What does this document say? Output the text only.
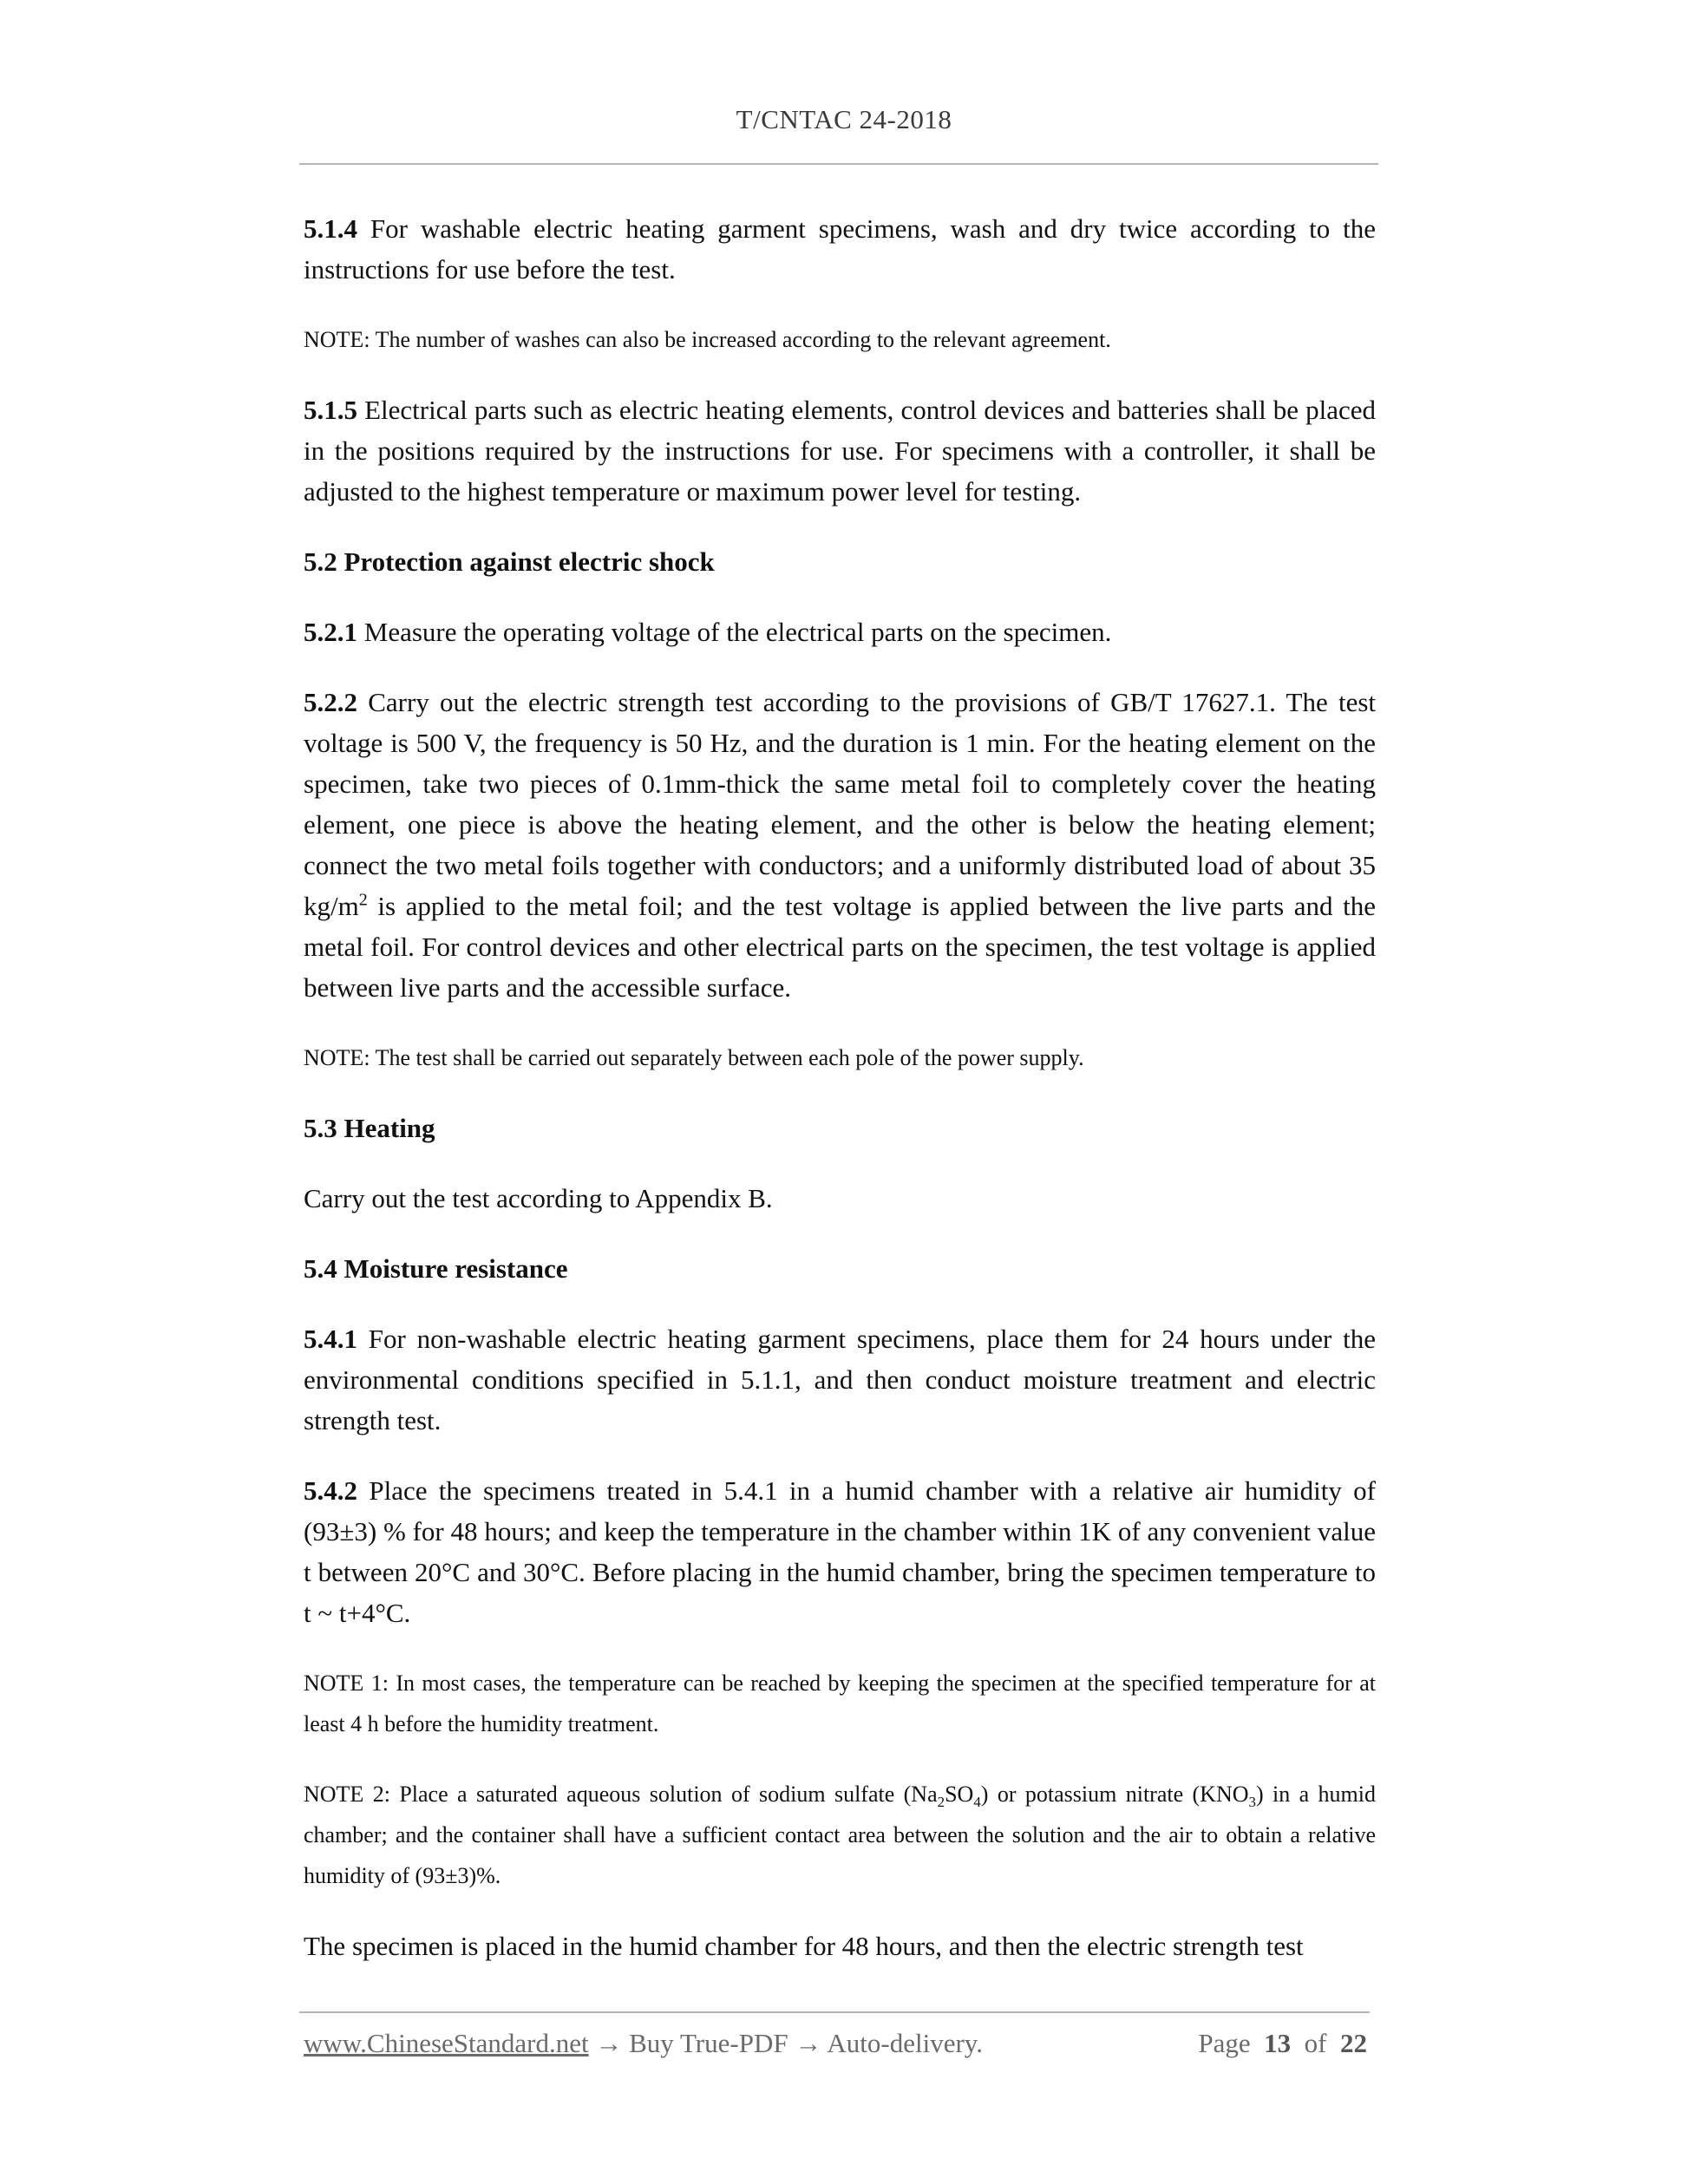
T/CNTAC 24-2018

5.1.4 For washable electric heating garment specimens, wash and dry twice according to the instructions for use before the test.

NOTE: The number of washes can also be increased according to the relevant agreement.

5.1.5 Electrical parts such as electric heating elements, control devices and batteries shall be placed in the positions required by the instructions for use. For specimens with a controller, it shall be adjusted to the highest temperature or maximum power level for testing.

5.2 Protection against electric shock

5.2.1 Measure the operating voltage of the electrical parts on the specimen.

5.2.2 Carry out the electric strength test according to the provisions of GB/T 17627.1. The test voltage is 500 V, the frequency is 50 Hz, and the duration is 1 min. For the heating element on the specimen, take two pieces of 0.1mm-thick the same metal foil to completely cover the heating element, one piece is above the heating element, and the other is below the heating element; connect the two metal foils together with conductors; and a uniformly distributed load of about 35 $kg/m^2$ is applied to the metal foil; and the test voltage is applied between the live parts and the metal foil. For control devices and other electrical parts on the specimen, the test voltage is applied between live parts and the accessible surface.

NOTE: The test shall be carried out separately between each pole of the power supply.

5.3 Heating

Carry out the test according to Appendix B.

5.4 Moisture resistance

5.4.1 For non-washable electric heating garment specimens, place them for 24 hours under the environmental conditions specified in 5.1.1, and then conduct moisture treatment and electric strength test.

5.4.2 Place the specimens treated in 5.4.1 in a humid chamber with a relative air humidity of (93±3) % for 48 hours; and keep the temperature in the chamber within 1K of any convenient value t between 20°C and 30°C. Before placing in the humid chamber, bring the specimen temperature to t ~ t+4°C.

NOTE 1: In most cases, the temperature can be reached by keeping the specimen at the specified temperature for at least 4 h before the humidity treatment.

NOTE 2: Place a saturated aqueous solution of sodium sulfate $(Na_2SO_4)$ or potassium nitrate $(KNO_3)$ in a humid chamber; and the container shall have a sufficient contact area between the solution and the air to obtain a relative humidity of (93±3)%.

The specimen is placed in the humid chamber for 48 hours, and then the electric strength test

www.ChineseStandard.net → Buy True-PDF → Auto-delivery.	Page 13 of 22
